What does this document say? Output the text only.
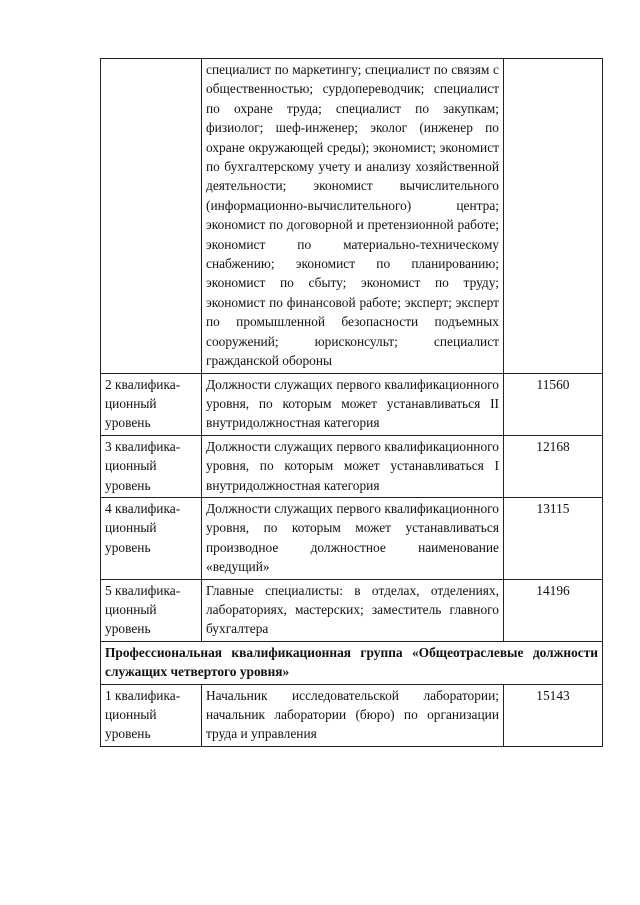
	специалист по маркетингу; специалист по связям с общественностью; сурдопереводчик; специалист по охране труда; специалист по закупкам; физиолог; шеф-инженер; эколог (инженер по охране окружающей среды); экономист; экономист по бухгалтерскому учету и анализу хозяйственной деятельности; экономист вычислительного (информационно-вычислительного) центра; экономист по договорной и претензионной работе; экономист по материально-техническому снабжению; экономист по планированию; экономист по сбыту; экономист по труду; экономист по финансовой работе; эксперт; эксперт по промышленной безопасности подъемных сооружений; юрисконсульт; специалист гражданской обороны	
2 квалифика-ционный уровень	Должности служащих первого квалификационного уровня, по которым может устанавливаться II внутридолжностная категория	11560
3 квалифика-ционный уровень	Должности служащих первого квалификационного уровня, по которым может устанавливаться I внутридолжностная категория	12168
4 квалифика-ционный уровень	Должности служащих первого квалификационного уровня, по которым может устанавливаться производное должностное наименование «ведущий»	13115
5 квалифика-ционный уровень	Главные специалисты: в отделах, отделениях, лабораториях, мастерских; заместитель главного бухгалтера	14196
Профессиональная квалификационная группа «Общеотраслевые должности служащих четвертого уровня»		
1 квалифика-ционный уровень	Начальник исследовательской лаборатории; начальник лаборатории (бюро) по организации труда и управления	15143
